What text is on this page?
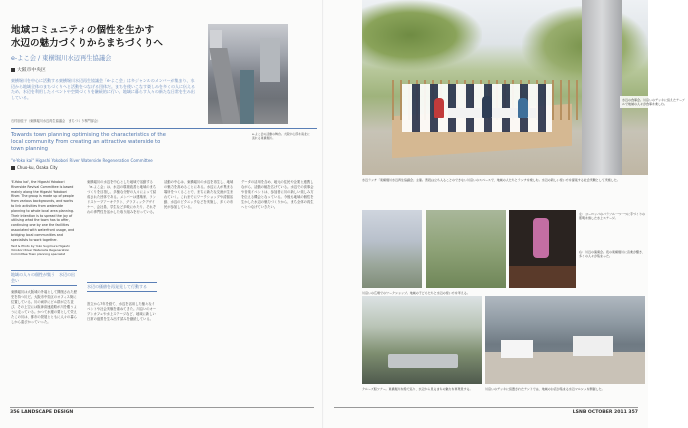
地域コミュニティの個性を生かす
水辺の魅力づくりからまちづくりへ
e-よこ会 / 東横堀川水辺再生協議会
大阪市中央区
東横堀川を中心に活動する東横堀川水辺再生協議会「e-よこ会」は多ジャンルのメンバーが集まり、水辺から地域全体のまちづくりへと活動をつなげる団体だ。まちを使いこなす楽しみを多くの人に伝えるため、水辺を利用したイベントや空間づくりを継続的に行い、地域に暮らす人々の新たな日常を生み出している。
石村朋佳子（東横堀川水辺再生協議会　まちづくり専門部会）
e-よこ会の活動の舞台。大阪中心部を南北に流れる東横堀川。
Towards town planning optimising the characteristics of the local community From creating an attractive waterside to town planning
"e-Yoko kai" Higashi Yokobori River Waterside Regeneration Committee
Chuo-ku, Osaka City
'E-Yoko kai', the Higashi Yokobori Riverside Revival Committee is based mainly along the Higashi Yokobori River. The group is made up of people from various backgrounds, and works to link activities from waterside planning to whole local area planning. Their intention is to spread the joy of utilising what the town has to offer, continuing one by one the facilities associated with waterfront usage, and bridging local communities and specialists to work together.
Text & Photo by Yoko Sugimura Higashi Yokobori River Waterside Regeneration Committee Town planning specialist
地域の人々の個性が集う　水辺の出会い
東横堀川は大阪城の外堀として開削された歴史を持つ川だ。大阪市中央区のオフィス街に位置している。川の両岸にビル群が立ち並び、その上空には阪神高速道路が川を覆うように走っている。かつて水運の要として栄えたこの川は、都市の発展とともに人々の暮らしから遠ざかっていった。
東横堀川の水辺を中心とした地域で活動する「e-よこ会」は、水辺の環境改善と地域のまちづくりを目指し、多様な分野の人々によって結成された団体である。メンバーは建築家、ランドスケープアーキテクト、グラフィックデザイナー、会社員、学生など多岐にわたり、それぞれの専門性を活かした取り組みを行っている。
水辺の価値を再発見して行動する
設立から7年を経て、水辺を活用した様々なイベントや社会実験を重ねてきた。川沿いのオープンカフェや水上ステージなど、地域に新しい日常の風景を生み出す試みを継続している。
活動の中心は、東横堀川の水辺を再生し、地域の魅力を高めることにある。水辺に人が集まる場所をつくることで、まちに新たな交流が生まれていく。これまでにワークショップや清掃活動、水辺のピクニックなどを実施し、多くの市民が参加している。
データの活用を含め、地元の住民や企業と連携しながら、活動の幅を広げている。水辺での食事会や音楽イベントは、参加者に川の新しい楽しみ方を伝える機会となっている。今後も地域の個性を生かした水辺の魅力づくりから、まち全体の再生へとつなげていきたい。
356 LANDSCAPE DESIGN
水辺の食事会。川沿いのデッキに設えたテーブルで地域の人々が食事を楽しむ。
水辺ランチ「東横堀川水辺再生協議会」主催。普段は立ち入ることのできない川沿いのスペースで、地域の人たちとランチを楽しむ。水辺の新しい使い方を提案する社会実験として実施した。
左：ヨーロッパのパラソル一つ一つに手づくりの照明を施した水上ステージ。
右：川辺の演奏会。夜の東横堀川に音楽が響き、多くの人々が集まった。
川沿いの広場でのワークショップ。地域の子どもたちと水辺の使い方を考える。
クルーズ船ツアー。東横堀川を船で巡り、水辺から見るまちの魅力を再発見する。	川沿いのデッキに設置されたテントでは、地域のお店が集まる水辺マルシェを開催した。
LSNB OCTOBER 2011 357
